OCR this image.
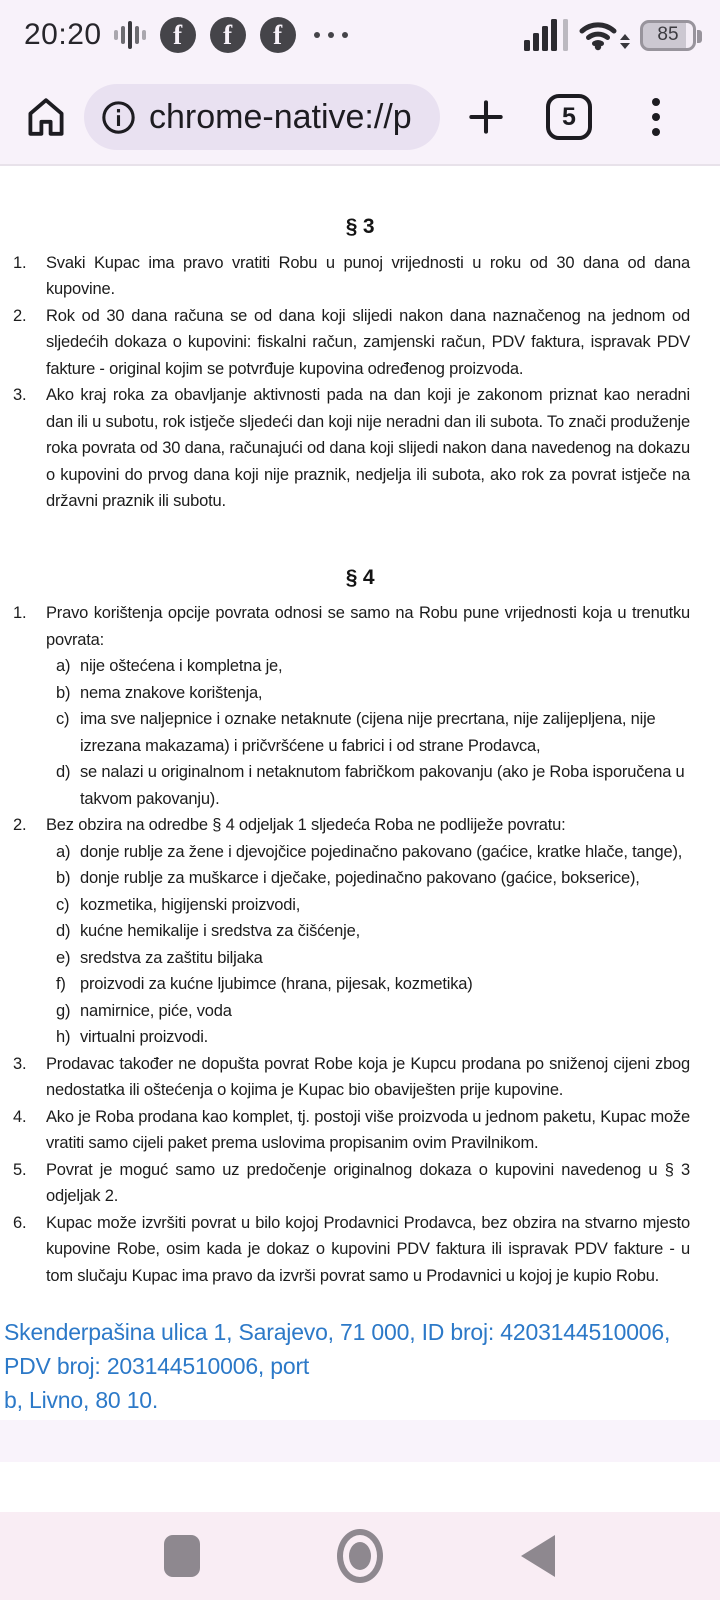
20:20	f	f	f	85
chrome-native://p	5
§ 3
1.	Svaki Kupac ima pravo vratiti Robu u punoj vrijednosti u roku od 30 dana od dana kupovine.
2.	Rok od 30 dana računa se od dana koji slijedi nakon dana naznačenog na jednom od sljedećih dokaza o kupovini: fiskalni račun, zamjenski račun, PDV faktura, ispravak PDV fakture - original kojim se potvrđuje kupovina određenog proizvoda.
3.	Ako kraj roka za obavljanje aktivnosti pada na dan koji je zakonom priznat kao neradni dan ili u subotu, rok istječe sljedeći dan koji nije neradni dan ili subota. To znači produženje roka povrata od 30 dana, računajući od dana koji slijedi nakon dana navedenog na dokazu o kupovini do prvog dana koji nije praznik, nedjelja ili subota, ako rok za povrat istječe na državni praznik ili subotu.
§ 4
1.	Pravo korištenja opcije povrata odnosi se samo na Robu pune vrijednosti koja u trenutku povrata:
a) nije oštećena i kompletna je,
b) nema znakove korištenja,
c) ima sve naljepnice i oznake netaknute (cijena nije precrtana, nije zalijepljena, nije izrezana makazama) i pričvršćene u fabrici i od strane Prodavca,
d) se nalazi u originalnom i netaknutom fabričkom pakovanju (ako je Roba isporučena u takvom pakovanju).
2.	Bez obzira na odredbe § 4 odjeljak 1 sljedeća Roba ne podliježe povratu:
a) donje rublje za žene i djevojčice pojedinačno pakovano (gaćice, kratke hlače, tange),
b) donje rublje za muškarce i dječake, pojedinačno pakovano (gaćice, bokserice),
c) kozmetika, higijenski proizvodi,
d) kućne hemikalije i sredstva za čišćenje,
e) sredstva za zaštitu biljaka
f) proizvodi za kućne ljubimce (hrana, pijesak, kozmetika)
g) namirnice, piće, voda
h) virtualni proizvodi.
3.	Prodavac također ne dopušta povrat Robe koja je Kupcu prodana po sniženoj cijeni zbog nedostatka ili oštećenja o kojima je Kupac bio obaviješten prije kupovine.
4.	Ako je Roba prodana kao komplet, tj. postoji više proizvoda u jednom paketu, Kupac može vratiti samo cijeli paket prema uslovima propisanim ovim Pravilnikom.
5.	Povrat je moguć samo uz predočenje originalnog dokaza o kupovini navedenog u § 3 odjeljak 2.
6.	Kupac može izvršiti povrat u bilo kojoj Prodavnici Prodavca, bez obzira na stvarno mjesto kupovine Robe, osim kada je dokaz o kupovini PDV faktura ili ispravak PDV fakture - u tom slučaju Kupac ima pravo da izvrši povrat samo u Prodavnici u kojoj je kupio Robu.
Skenderpašina ulica 1, Sarajevo, 71 000, ID broj: 4203144510006, PDV broj: 203144510006, port
b, Livno, 80 10.
